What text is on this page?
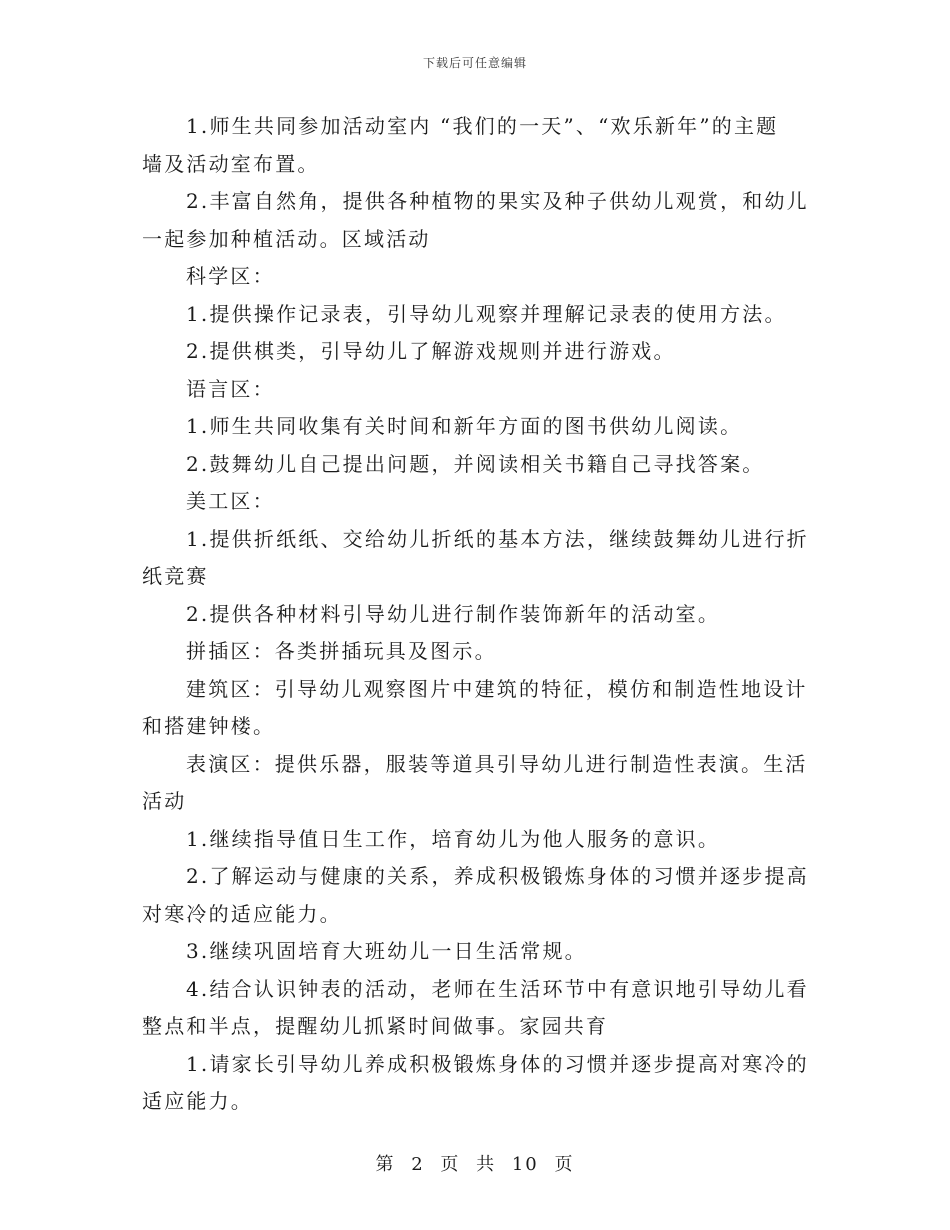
下载后可任意编辑
1.师生共同参加活动室内 “我们的一天”、“欢乐新年”的主题
墙及活动室布置。
2.丰富自然角，提供各种植物的果实及种子供幼儿观赏，和幼儿
一起参加种植活动。区域活动
科学区：
1.提供操作记录表，引导幼儿观察并理解记录表的使用方法。
2.提供棋类，引导幼儿了解游戏规则并进行游戏。
语言区：
1.师生共同收集有关时间和新年方面的图书供幼儿阅读。
2.鼓舞幼儿自己提出问题，并阅读相关书籍自己寻找答案。
美工区：
1.提供折纸纸、交给幼儿折纸的基本方法，继续鼓舞幼儿进行折
纸竞赛
2.提供各种材料引导幼儿进行制作装饰新年的活动室。
拼插区：各类拼插玩具及图示。
建筑区：引导幼儿观察图片中建筑的特征，模仿和制造性地设计
和搭建钟楼。
表演区：提供乐器，服装等道具引导幼儿进行制造性表演。生活
活动
1.继续指导值日生工作，培育幼儿为他人服务的意识。
2.了解运动与健康的关系，养成积极锻炼身体的习惯并逐步提高
对寒冷的适应能力。
3.继续巩固培育大班幼儿一日生活常规。
4.结合认识钟表的活动，老师在生活环节中有意识地引导幼儿看
整点和半点，提醒幼儿抓紧时间做事。家园共育
1.请家长引导幼儿养成积极锻炼身体的习惯并逐步提高对寒冷的
适应能力。
第 2 页 共 10 页
